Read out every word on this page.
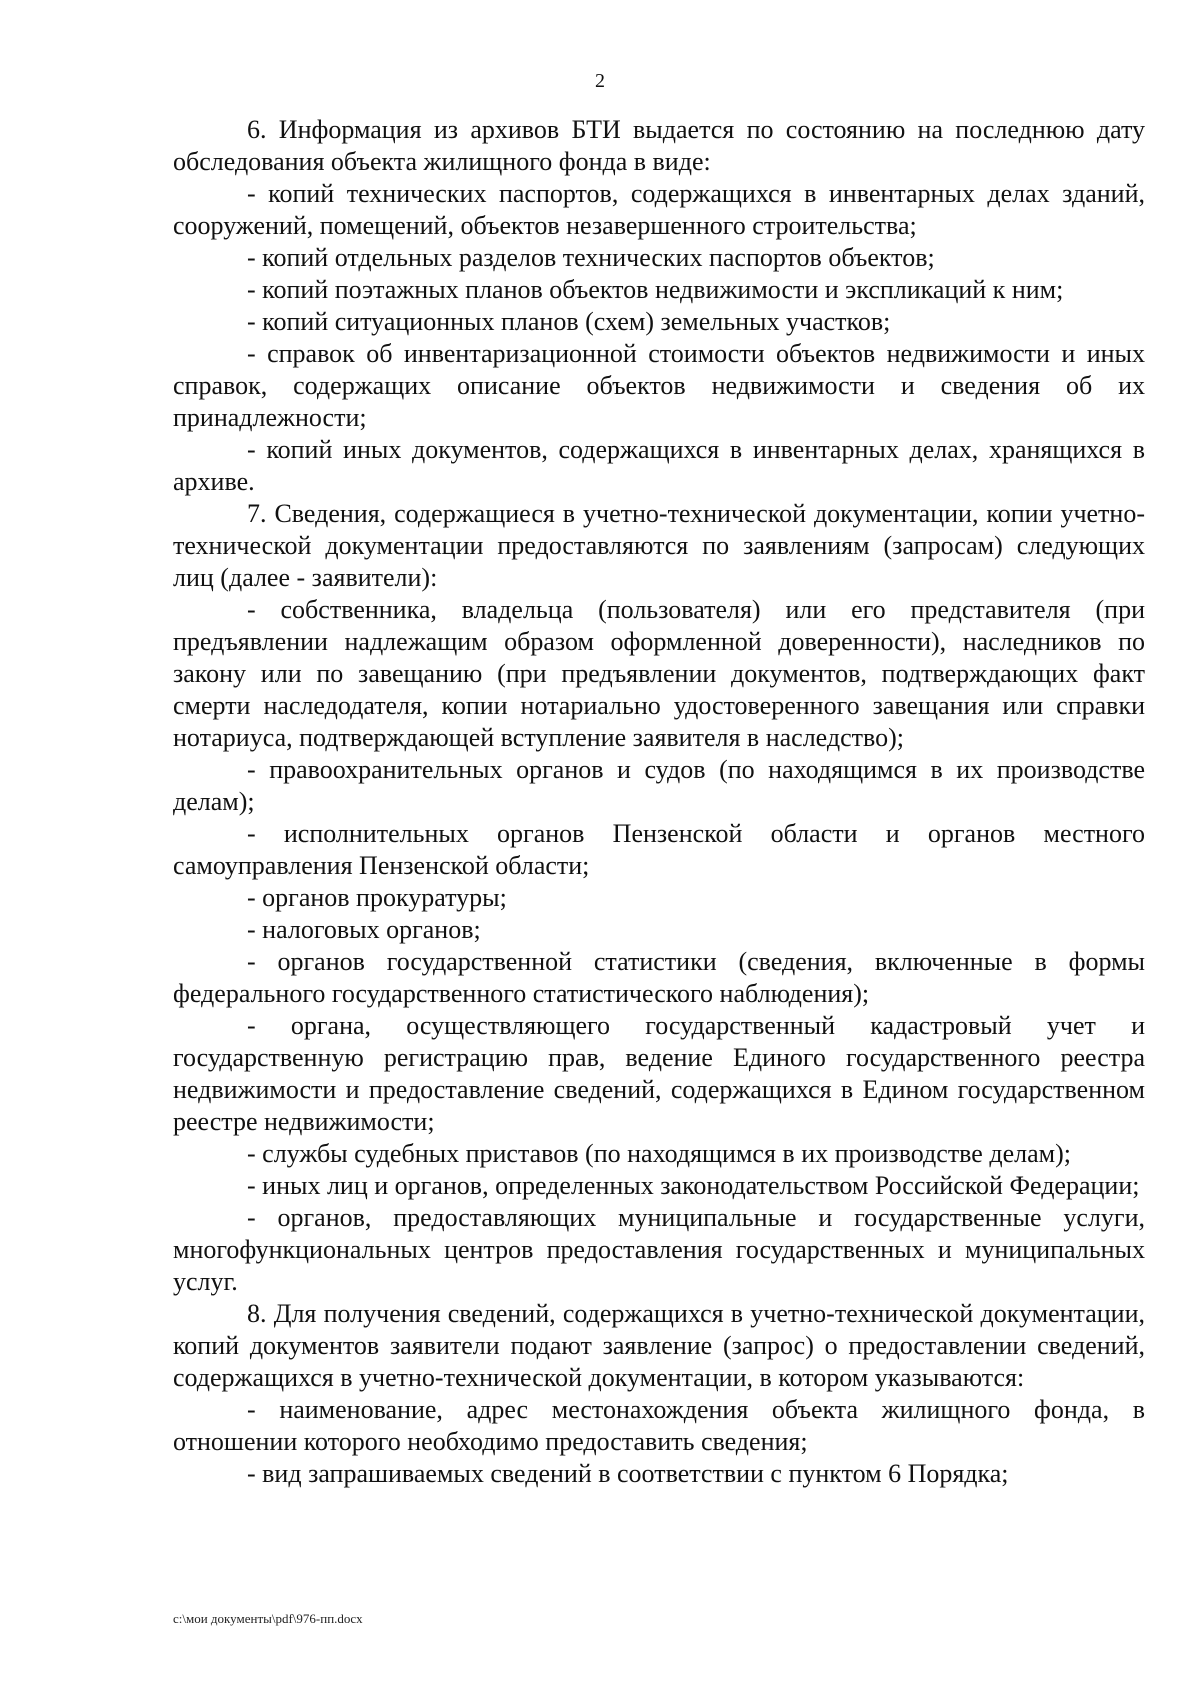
2

6. Информация из архивов БТИ выдается по состоянию на последнюю дату обследования объекта жилищного фонда в виде:

- копий технических паспортов, содержащихся в инвентарных делах зданий, сооружений, помещений, объектов незавершенного строительства;

- копий отдельных разделов технических паспортов объектов;

- копий поэтажных планов объектов недвижимости и экспликаций к ним;

- копий ситуационных планов (схем) земельных участков;

- справок об инвентаризационной стоимости объектов недвижимости и иных справок, содержащих описание объектов недвижимости и сведения об их принадлежности;

- копий иных документов, содержащихся в инвентарных делах, хранящихся в архиве.

7. Сведения, содержащиеся в учетно-технической документации, копии учетно-технической документации предоставляются по заявлениям (запросам) следующих лиц (далее - заявители):

- собственника, владельца (пользователя) или его представителя (при предъявлении надлежащим образом оформленной доверенности), наследников по закону или по завещанию (при предъявлении документов, подтверждающих факт смерти наследодателя, копии нотариально удостоверенного завещания или справки нотариуса, подтверждающей вступление заявителя в наследство);

- правоохранительных органов и судов (по находящимся в их производстве делам);

- исполнительных органов Пензенской области и органов местного самоуправления Пензенской области;

- органов прокуратуры;

- налоговых органов;

- органов государственной статистики (сведения, включенные в формы федерального государственного статистического наблюдения);

- органа, осуществляющего государственный кадастровый учет и государственную регистрацию прав, ведение Единого государственного реестра недвижимости и предоставление сведений, содержащихся в Едином государственном реестре недвижимости;

- службы судебных приставов (по находящимся в их производстве делам);

- иных лиц и органов, определенных законодательством Российской Федерации;

- органов, предоставляющих муниципальные и государственные услуги, многофункциональных центров предоставления государственных и муниципальных услуг.

8. Для получения сведений, содержащихся в учетно-технической документации, копий документов заявители подают заявление (запрос) о предоставлении сведений, содержащихся в учетно-технической документации, в котором указываются:

- наименование, адрес местонахождения объекта жилищного фонда, в отношении которого необходимо предоставить сведения;

- вид запрашиваемых сведений в соответствии с пунктом 6 Порядка;

c:\мои документы\pdf\976-пп.docx
